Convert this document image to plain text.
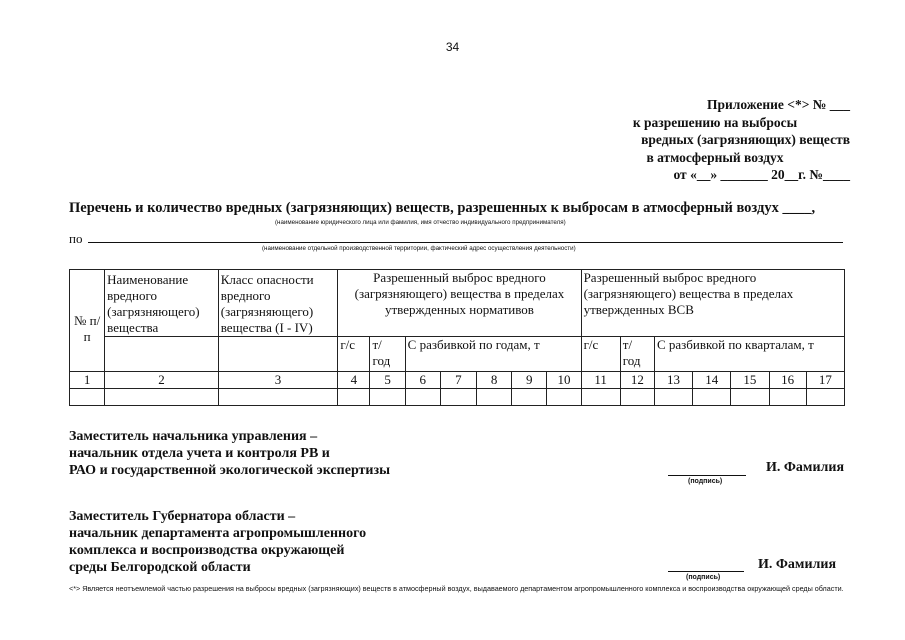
34
Приложение <*> № ___
к разрешению на выбросы
вредных (загрязняющих) веществ
в атмосферный воздух
от «__» _______ 20__г. №____
Перечень и количество вредных (загрязняющих) веществ, разрешенных к выбросам в атмосферный воздух ____,
(наименование юридического лица или фамилия, имя отчество индивидуального предпринимателя)
по
(наименование отдельной производственной территории, фактический адрес осуществления деятельности)
№ п/п	Наименование вредного (загрязняющего) вещества	Класс опасности вредного (загрязняющего) вещества (I - IV)	Разрешенный выброс вредного (загрязняющего) вещества в пределах утвержденных нормативов							Разрешенный выброс вредного (загрязняющего) вещества в пределах утвержденных ВСВ						
			г/с	т/ год	С разбивкой по годам, т					г/с	т/ год	С разбивкой по кварталам, т				
1	2	3	4	5	6	7	8	9	10	11	12	13	14	15	16	17

Заместитель начальника управления –
начальник отдела учета и контроля РВ и
РАО и государственной экологической экспертизы
(подпись)
И. Фамилия
Заместитель Губернатора области –
начальник департамента агропромышленного
комплекса и воспроизводства окружающей
среды Белгородской области
(подпись)
И. Фамилия
<*> Является неотъемлемой частью разрешения на выбросы вредных (загрязняющих) веществ в атмосферный воздух, выдаваемого департаментом агропромышленного комплекса и воспроизводства окружающей среды области.
